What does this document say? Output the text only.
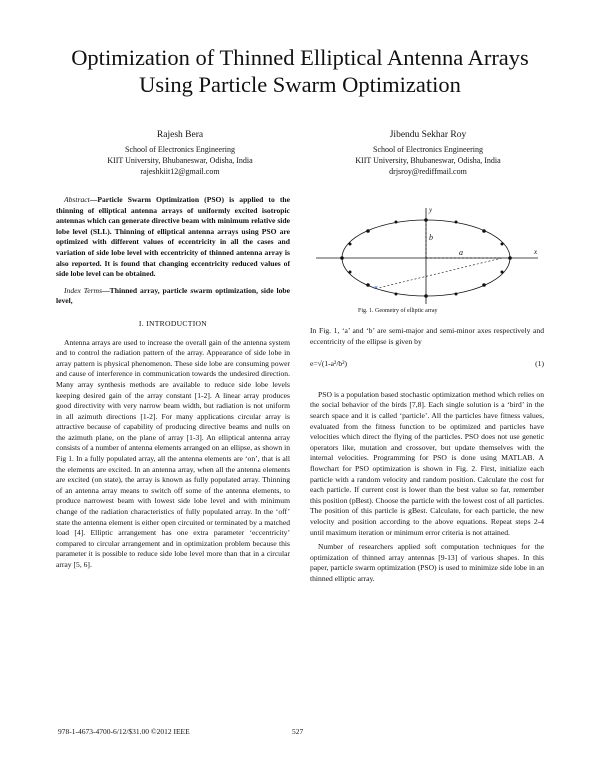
Optimization of Thinned Elliptical Antenna Arrays
Using Particle Swarm Optimization
Rajesh Bera
School of Electronics Engineering
KIIT University, Bhubaneswar, Odisha, India
rajeshkiit12@gmail.com
Jibendu Sekhar Roy
School of Electronics Engineering
KIIT University, Bhubaneswar, Odisha, India
drjsroy@rediffmail.com

Abstract—Particle Swarm Optimization (PSO) is applied to the thinning of elliptical antenna arrays of uniformly excited isotropic antennas which can generate directive beam with minimum relative side lobe level (SLL). Thinning of elliptical antenna arrays using PSO are optimized with different values of eccentricity in all the cases and variation of side lobe level with eccentricity of thinned antenna array is also reported. It is found that changing eccentricity reduced values of side lobe level can be obtained.

Index Terms—Thinned array, particle swarm optimization, side lobe level,

I. INTRODUCTION

Antenna arrays are used to increase the overall gain of the antenna system and to control the radiation pattern of the array. Appearance of side lobe in array pattern is physical phenomenon. These side lobe are consuming power and cause of interference in communication towards the undesired direction. Many array synthesis methods are available to reduce side lobe levels keeping desired gain of the array constant [1-2]. A linear array produces good directivity with very narrow beam width, but radiation is not uniform in all azimuth directions [1-2]. For many applications circular array is attractive because of capability of producing directive beams and nulls on the azimuth plane, on the plane of array [1-3]. An elliptical antenna array consists of a number of antenna elements arranged on an ellipse, as shown in Fig 1. In a fully populated array, all the antenna elements are ‘on’, that is all the elements are excited. In an antenna array, when all the antenna elements are excited (on state), the array is known as fully populated array. Thinning of an antenna array means to switch off some of the antenna elements, to produce narrowest beam with lowest side lobe level and with minimum change of the radiation characteristics of fully populated array. In the ‘off’ state the antenna element is either open circuited or terminated by a matched load [4]. Elliptic arrangement has one extra parameter ‘eccentricity’ compared to circular arrangement and in optimization problem because this parameter it is possible to reduce side lobe level more than that in a circular array [5, 6].

a
b
x
y
×
Fig. 1. Geometry of elliptic array

In Fig. 1, ‘a’ and ‘b’ are semi-major and semi-minor axes respectively and eccentricity of the ellipse is given by

e=√(1-a²/b²)	(1)

PSO is a population based stochastic optimization method which relies on the social behavior of the birds [7,8]. Each single solution is a ‘bird’ in the search space and it is called ‘particle’. All the particles have fitness values, evaluated from the fitness function to be optimized and particles have velocities which direct the flying of the particles. PSO does not use genetic operators like, mutation and crossover, but update themselves with the internal velocities. Programming for PSO is done using MATLAB. A flowchart for PSO optimization is shown in Fig. 2. First, initialize each particle with a random velocity and random position. Calculate the cost for each particle. If current cost is lower than the best value so far, remember this position (pBest). Choose the particle with the lowest cost of all particles. The position of this particle is gBest. Calculate, for each particle, the new velocity and position according to the above equations. Repeat steps 2-4 until maximum iteration or minimum error criteria is not attained.

Number of researchers applied soft computation techniques for the optimization of thinned array antennas [9-13] of various shapes. In this paper, particle swarm optimization (PSO) is used to minimize side lobe in an thinned elliptic array.

978-1-4673-4700-6/12/$31.00 ©2012 IEEE	527
